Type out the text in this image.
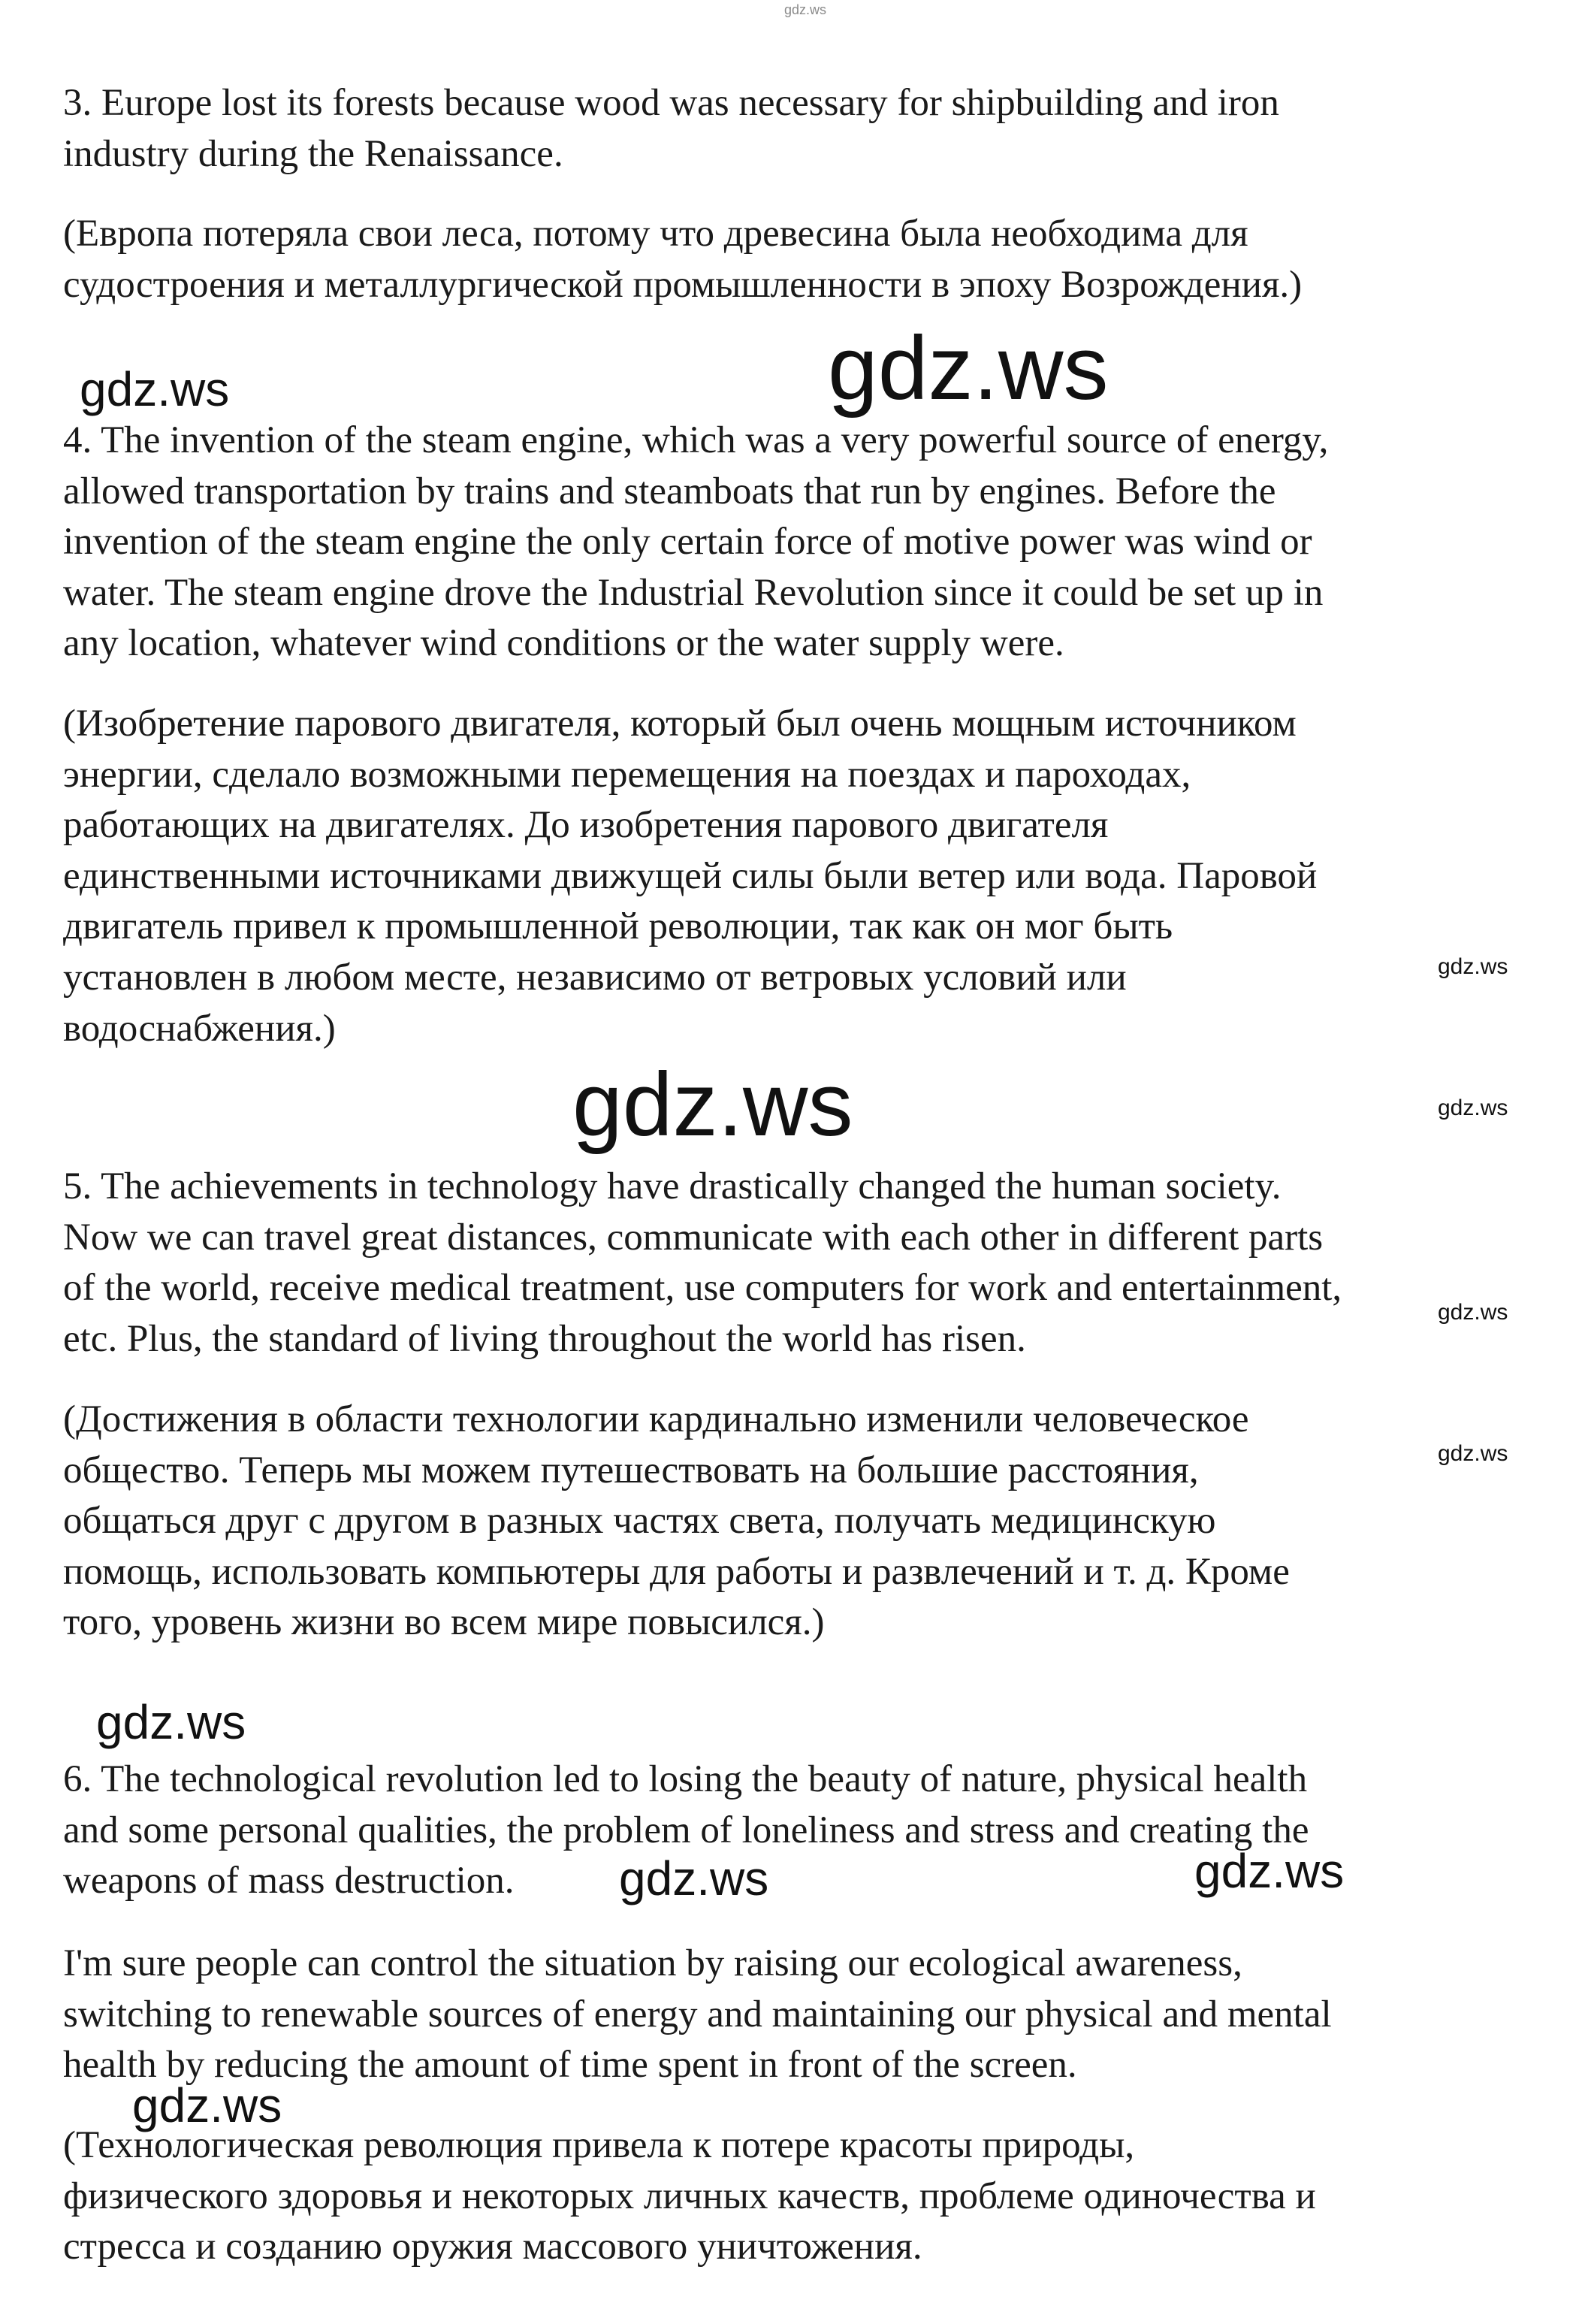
gdz.ws

3. Europe lost its forests because wood was necessary for shipbuilding and iron
industry during the Renaissance.

(Европа потеряла свои леса, потому что древесина была необходима для
судостроения и металлургической промышленности в эпоху Возрождения.)

4. The invention of the steam engine, which was a very powerful source of energy,
allowed transportation by trains and steamboats that run by engines. Before the
invention of the steam engine the only certain force of motive power was wind or
water. The steam engine drove the Industrial Revolution since it could be set up in
any location, whatever wind conditions or the water supply were.

(Изобретение парового двигателя, который был очень мощным источником
энергии, сделало возможными перемещения на поездах и пароходах,
работающих на двигателях. До изобретения парового двигателя
единственными источниками движущей силы были ветер или вода. Паровой
двигатель привел к промышленной революции, так как он мог быть
установлен в любом месте, независимо от ветровых условий или
водоснабжения.)

5. The achievements in technology have drastically changed the human society.
Now we can travel great distances, communicate with each other in different parts
of the world, receive medical treatment, use computers for work and entertainment,
etc. Plus, the standard of living throughout the world has risen.

(Достижения в области технологии кардинально изменили человеческое
общество. Теперь мы можем путешествовать на большие расстояния,
общаться друг с другом в разных частях света, получать медицинскую
помощь, использовать компьютеры для работы и развлечений и т. д. Кроме
того, уровень жизни во всем мире повысился.)

6. The technological revolution led to losing the beauty of nature, physical health
and some personal qualities, the problem of loneliness and stress and creating the
weapons of mass destruction.

I'm sure people can control the situation by raising our ecological awareness,
switching to renewable sources of energy and maintaining our physical and mental
health by reducing the amount of time spent in front of the screen.

(Технологическая революция привела к потере красоты природы,
физического здоровья и некоторых личных качеств, проблеме одиночества и
стресса и созданию оружия массового уничтожения.

gdz.ws	gdz.ws
gdz.ws
gdz.ws	gdz.ws
gdz.ws
gdz.ws
gdz.ws
gdz.ws	gdz.ws
gdz.ws
